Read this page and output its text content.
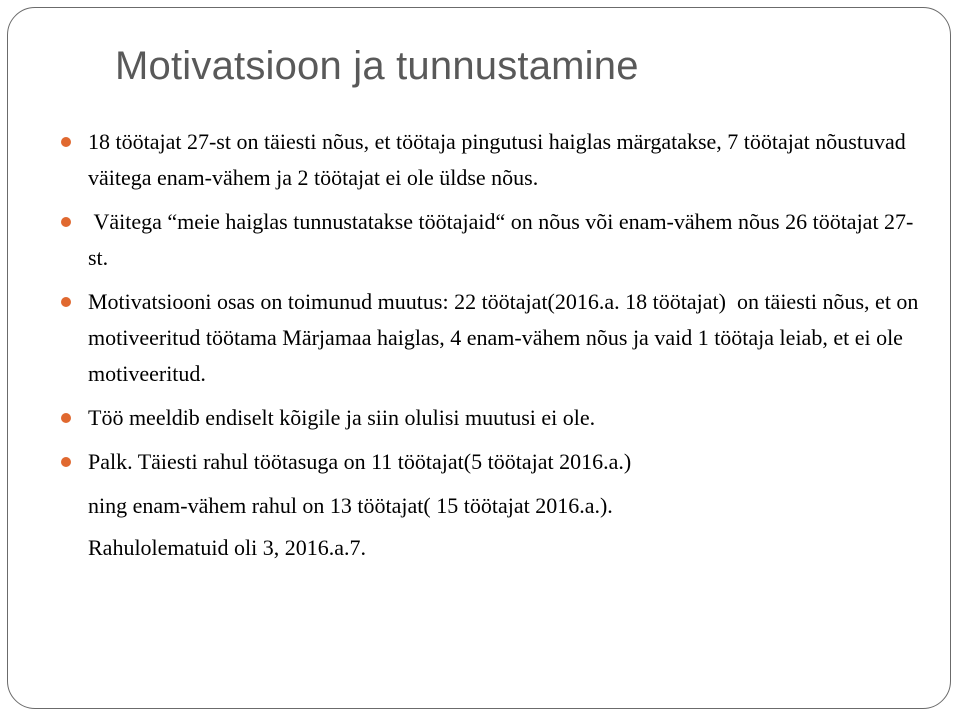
Motivatsioon ja tunnustamine
18 töötajat 27-st on täiesti nõus, et töötaja pingutusi haiglas märgatakse, 7 töötajat nõustuvad väitega enam-vähem ja 2 töötajat ei ole üldse nõus.
Väitega “meie haiglas tunnustatakse töötajaid“ on nõus või enam-vähem nõus 26 töötajat 27-st.
Motivatsiooni osas on toimunud muutus: 22 töötajat(2016.a. 18 töötajat)  on täiesti nõus, et on motiveeritud töötama Märjamaa haiglas, 4 enam-vähem nõus ja vaid 1 töötaja leiab, et ei ole motiveeritud.
Töö meeldib endiselt kõigile ja siin olulisi muutusi ei ole.
Palk. Täiesti rahul töötasuga on 11 töötajat(5 töötajat 2016.a.)
ning enam-vähem rahul on 13 töötajat( 15 töötajat 2016.a.).
Rahulolematuid oli 3, 2016.a.7.
